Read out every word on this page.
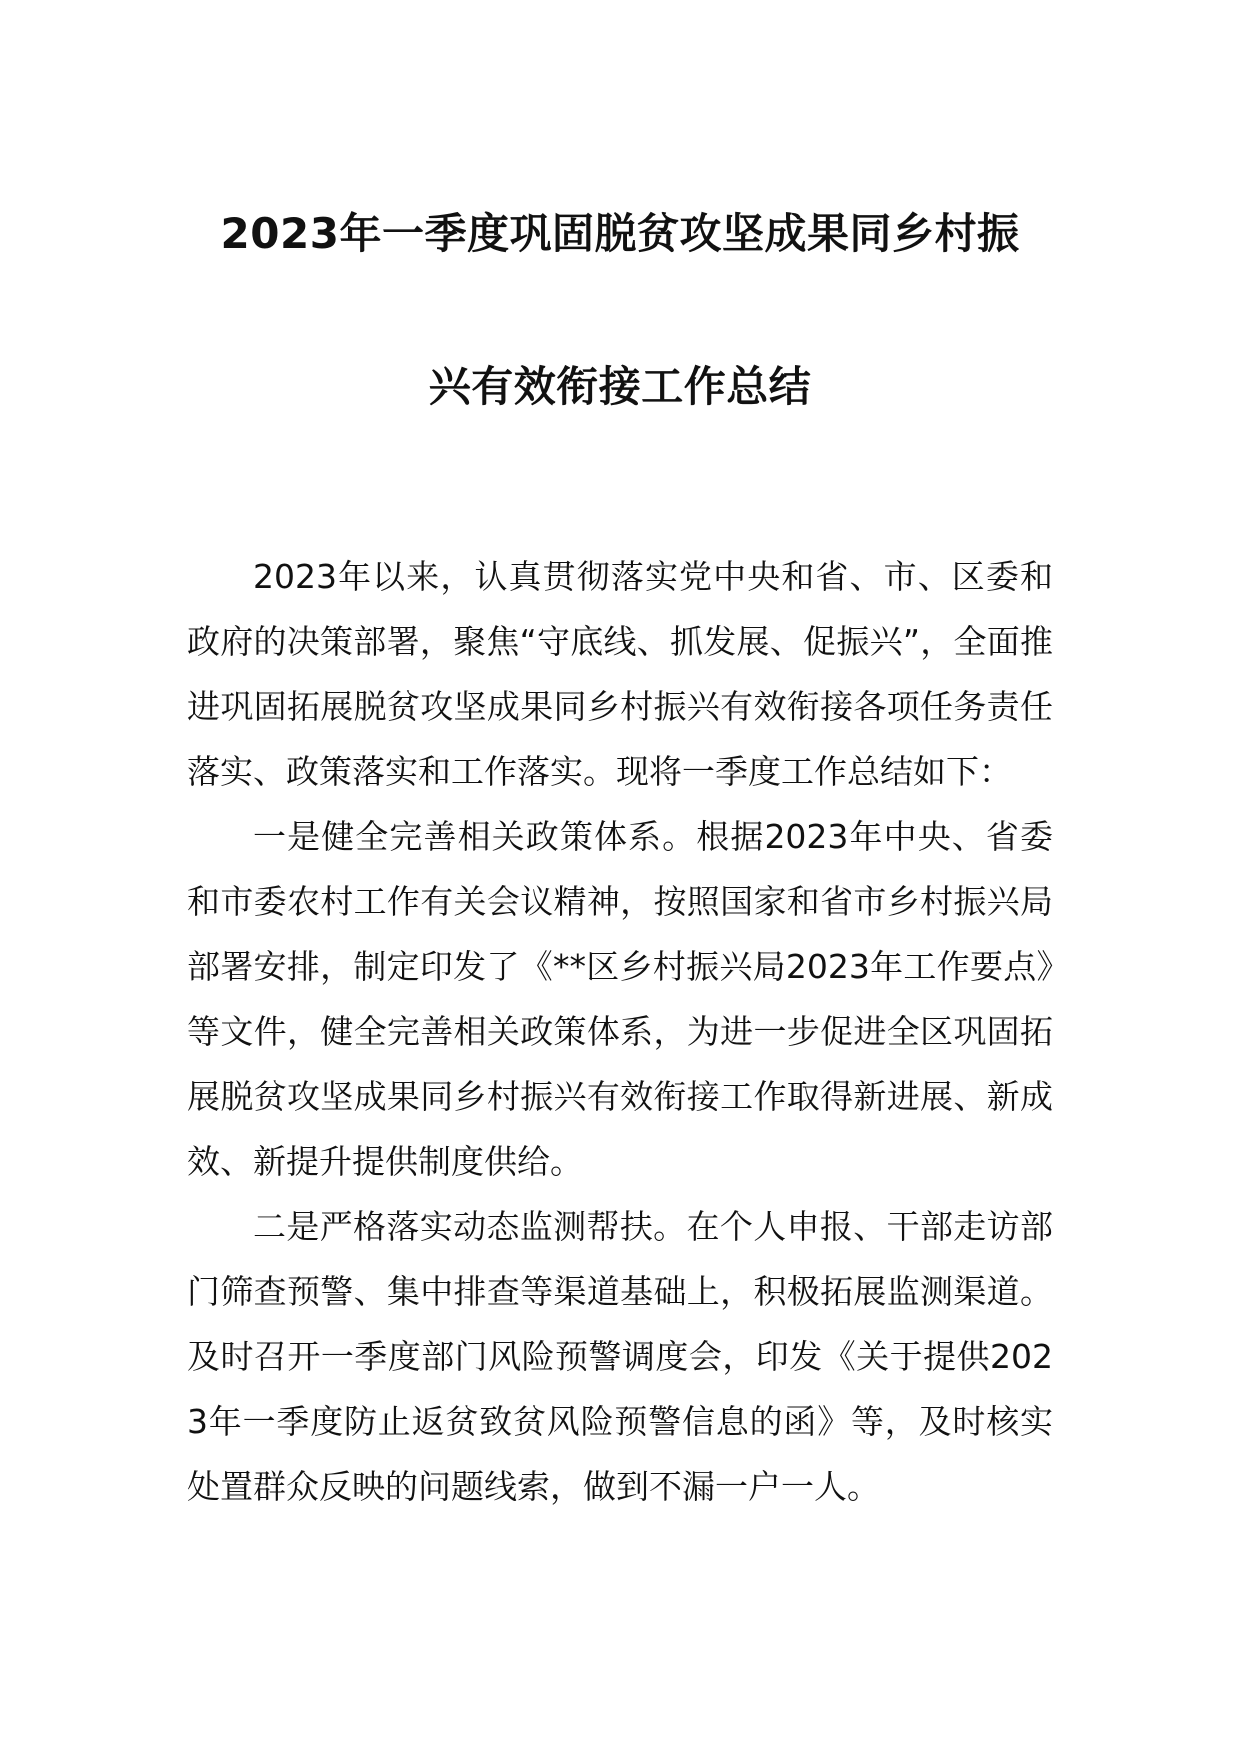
2023年一季度巩固脱贫攻坚成果同乡村振
兴有效衔接工作总结

2023年以来，认真贯彻落实党中央和省、市、区委和政府的决策部署，聚焦“守底线、抓发展、促振兴”，全面推进巩固拓展脱贫攻坚成果同乡村振兴有效衔接各项任务责任落实、政策落实和工作落实。现将一季度工作总结如下：

一是健全完善相关政策体系。根据2023年中央、省委和市委农村工作有关会议精神，按照国家和省市乡村振兴局部署安排，制定印发了《**区乡村振兴局2023年工作要点》等文件，健全完善相关政策体系，为进一步促进全区巩固拓展脱贫攻坚成果同乡村振兴有效衔接工作取得新进展、新成效、新提升提供制度供给。

二是严格落实动态监测帮扶。在个人申报、干部走访部门筛查预警、集中排查等渠道基础上，积极拓展监测渠道。及时召开一季度部门风险预警调度会，印发《关于提供2023年一季度防止返贫致贫风险预警信息的函》等，及时核实处置群众反映的问题线索，做到不漏一户一人。
